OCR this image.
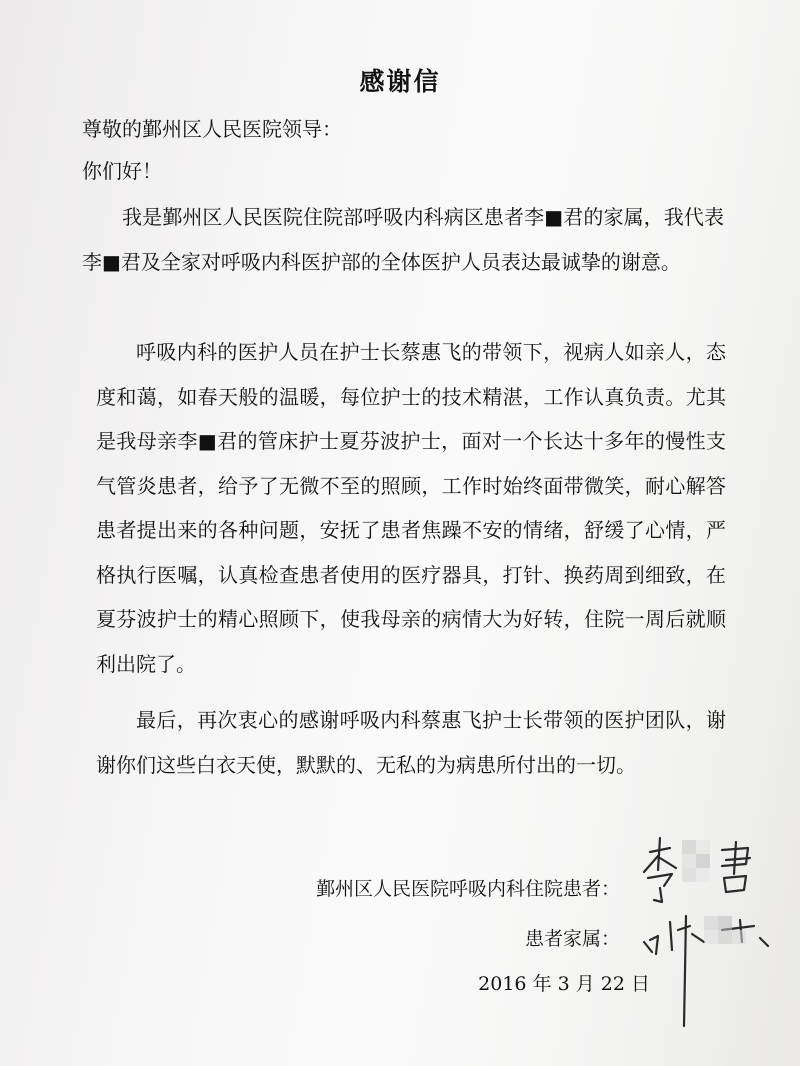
感谢信
尊敬的鄞州区人民医院领导：
你们好！
我是鄞州区人民医院住院部呼吸内科病区患者李■君的家属，我代表李■君及全家对呼吸内科医护部的全体医护人员表达最诚挚的谢意。
呼吸内科的医护人员在护士长蔡惠飞的带领下，视病人如亲人，态度和蔼，如春天般的温暖，每位护士的技术精湛，工作认真负责。尤其是我母亲李■君的管床护士夏芬波护士，面对一个长达十多年的慢性支气管炎患者，给予了无微不至的照顾，工作时始终面带微笑，耐心解答患者提出来的各种问题，安抚了患者焦躁不安的情绪，舒缓了心情，严格执行医嘱，认真检查患者使用的医疗器具，打针、换药周到细致，在夏芬波护士的精心照顾下，使我母亲的病情大为好转，住院一周后就顺利出院了。
最后，再次衷心的感谢呼吸内科蔡惠飞护士长带领的医护团队，谢谢你们这些白衣天使，默默的、无私的为病患所付出的一切。
鄞州区人民医院呼吸内科住院患者：
患者家属：
2016 年 3 月 22 日
